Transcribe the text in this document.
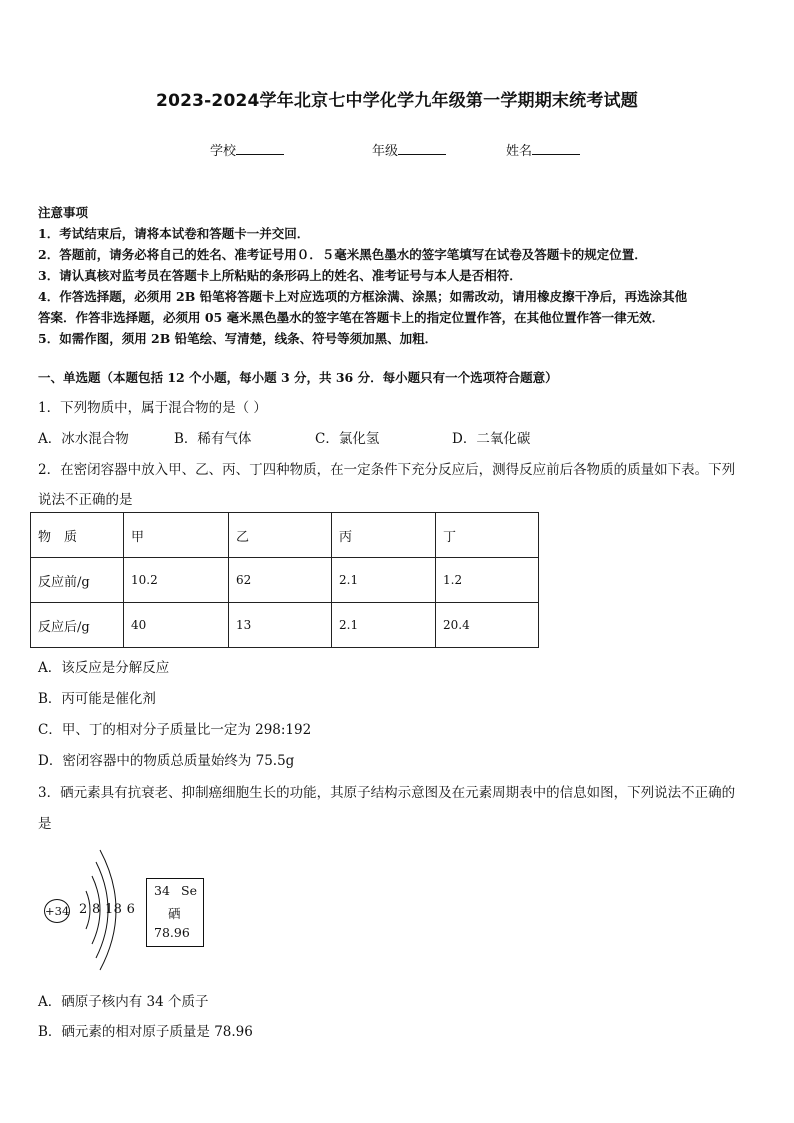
2023-2024学年北京七中学化学九年级第一学期期末统考试题
学校	年级	姓名
注意事项
1．考试结束后，请将本试卷和答题卡一并交回．
2．答题前，请务必将自己的姓名、准考证号用０．５毫米黑色墨水的签字笔填写在试卷及答题卡的规定位置．
3．请认真核对监考员在答题卡上所粘贴的条形码上的姓名、准考证号与本人是否相符．
4．作答选择题，必须用 2B 铅笔将答题卡上对应选项的方框涂满、涂黑；如需改动，请用橡皮擦干净后，再选涂其他
答案．作答非选择题，必须用 05 毫米黑色墨水的签字笔在答题卡上的指定位置作答，在其他位置作答一律无效．
5．如需作图，须用 2B 铅笔绘、写清楚，线条、符号等须加黑、加粗．
一、单选题（本题包括 12 个小题，每小题 3 分，共 36 分．每小题只有一个选项符合题意）
1．下列物质中，属于混合物的是（ ）
A．冰水混合物	B．稀有气体	C．氯化氢	D．二氧化碳
2．在密闭容器中放入甲、乙、丙、丁四种物质，在一定条件下充分反应后，测得反应前后各物质的质量如下表。下列
说法不正确的是
物　质	甲	乙	丙	丁
反应前/g	10.2	62	2.1	1.2
反应后/g	40	13	2.1	20.4
A．该反应是分解反应
B．丙可能是催化剂
C．甲、丁的相对分子质量比一定为 298:192
D．密闭容器中的物质总质量始终为 75.5g
3．硒元素具有抗衰老、抑制癌细胞生长的功能，其原子结构示意图及在元素周期表中的信息如图，下列说法不正确的
是
+34 2 8 18 6
34 Se
硒
78.96
A．硒原子核内有 34 个质子
B．硒元素的相对原子质量是 78.96
